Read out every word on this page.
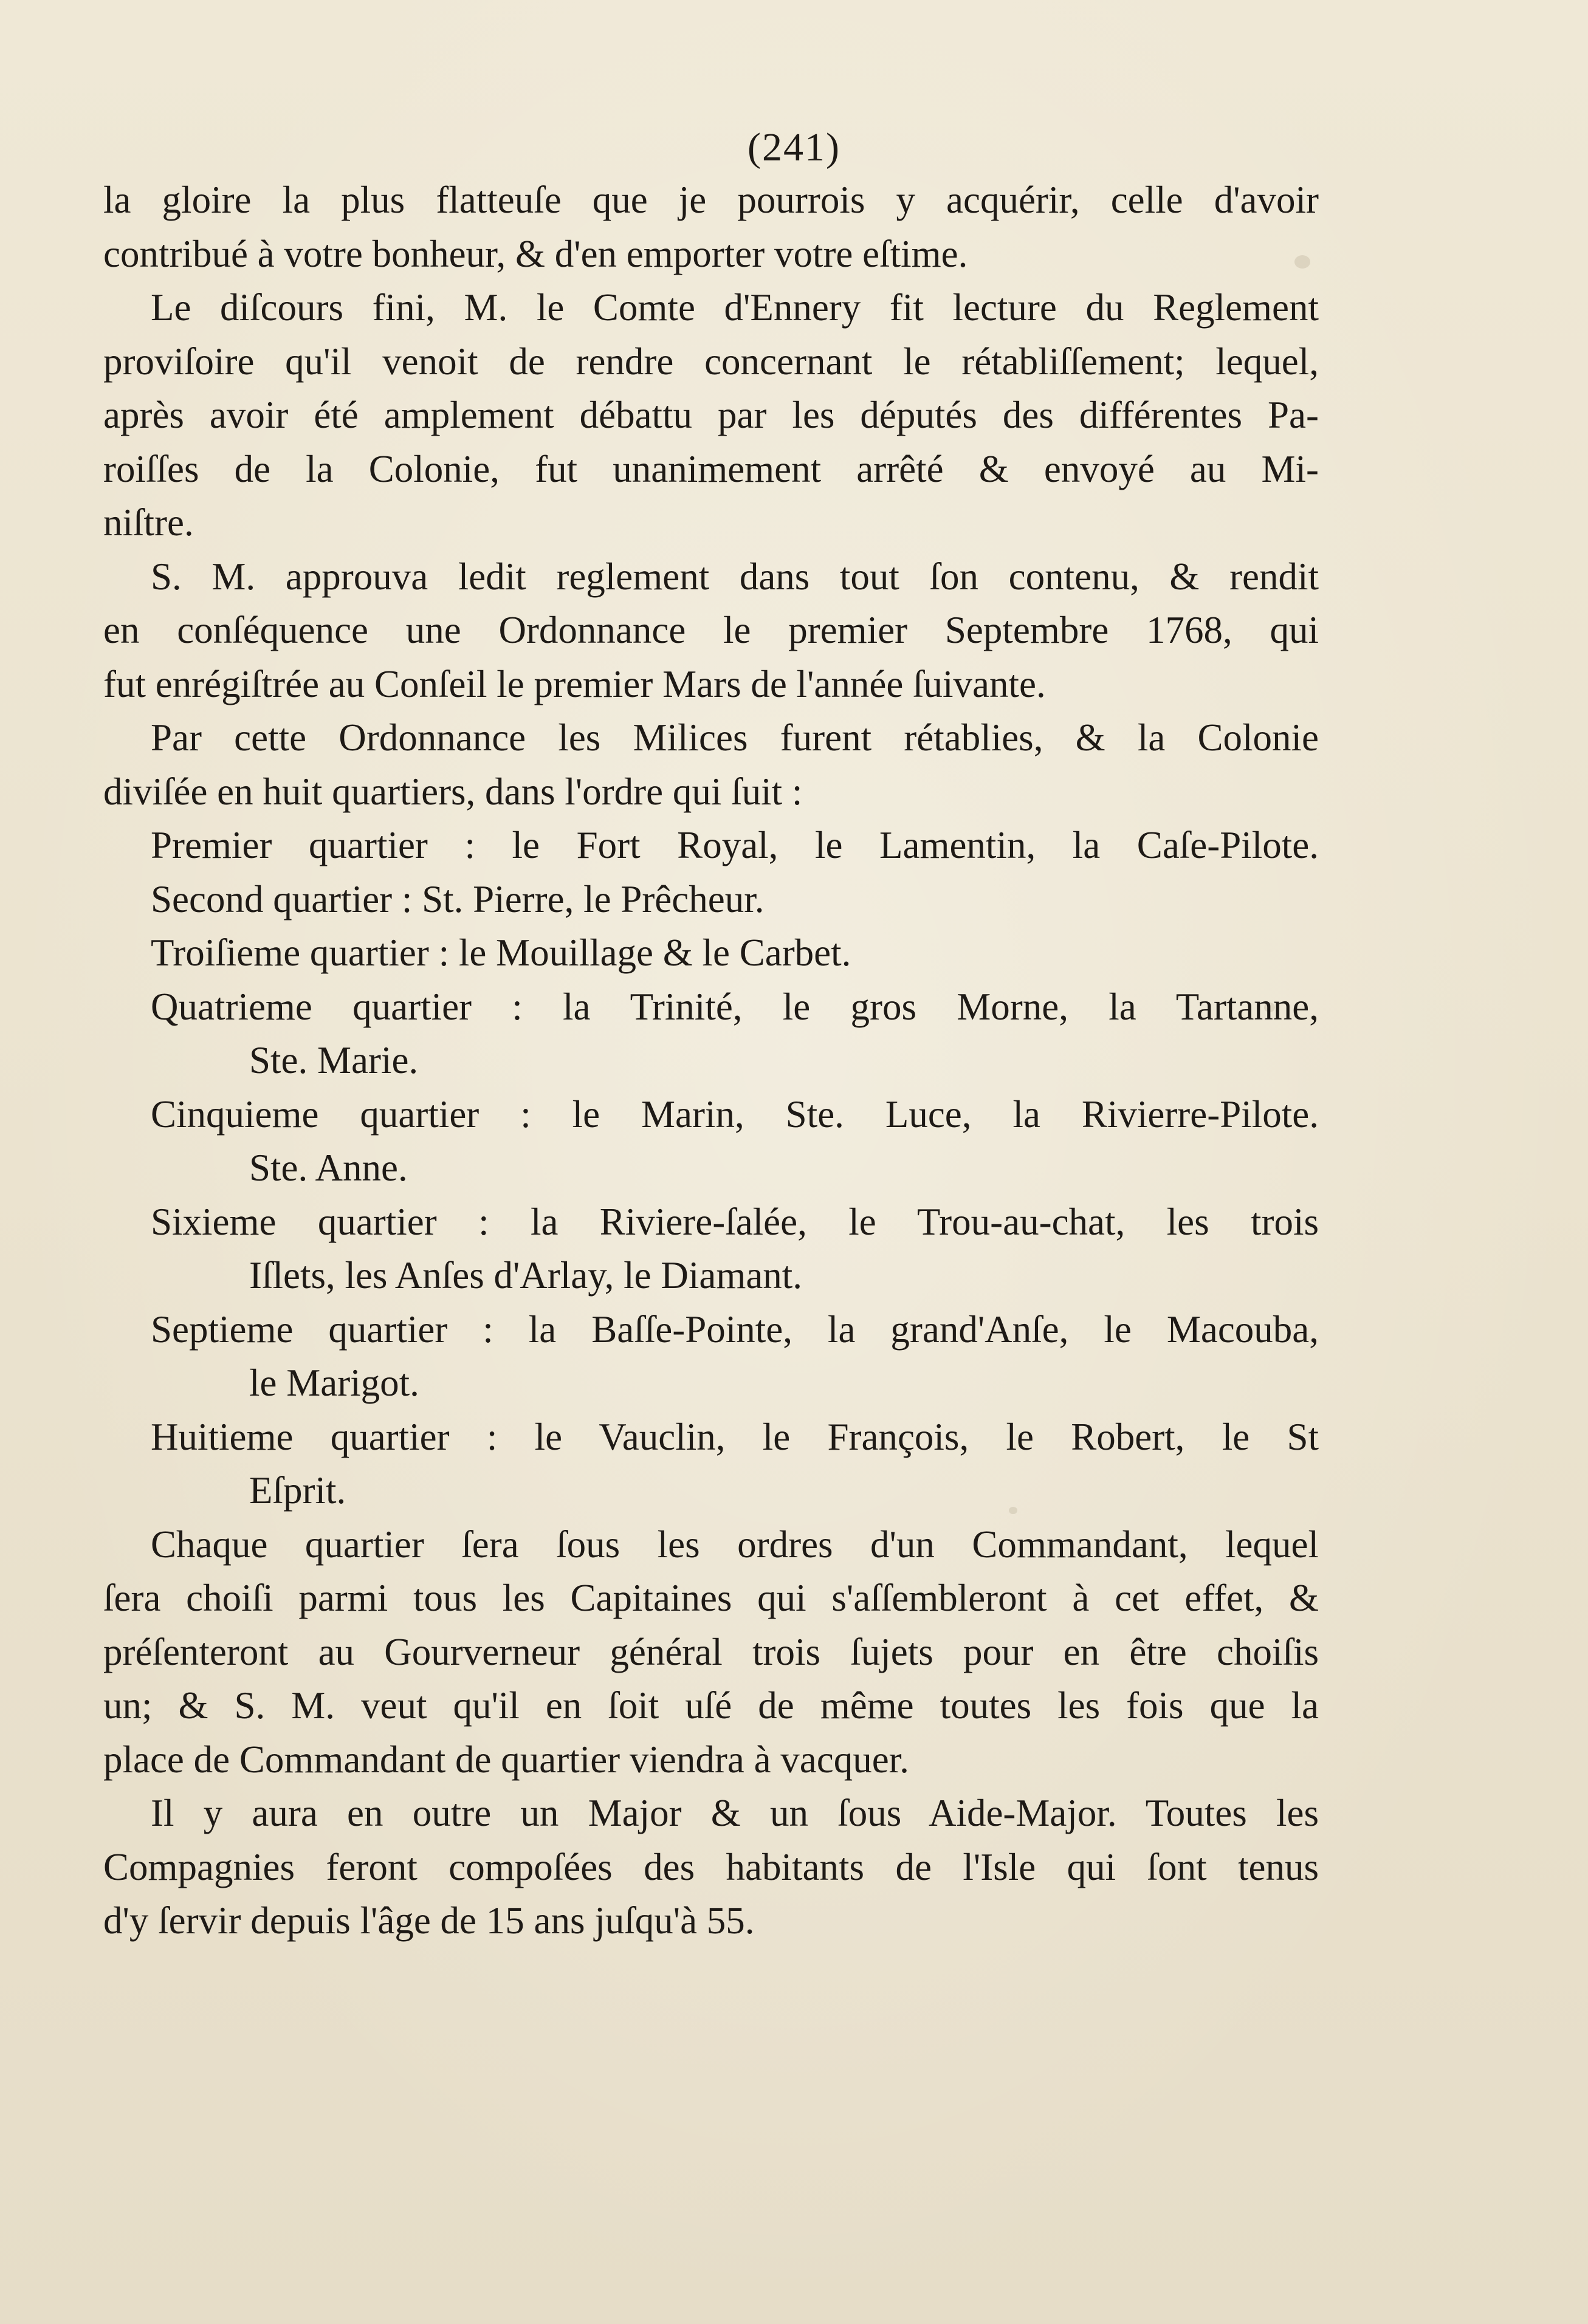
(241)
la gloire la plus flatteuſe que je pourrois y acquérir, celle d'avoir
contribué à votre bonheur, & d'en emporter votre eſtime.
Le diſcours fini, M. le Comte d'Ennery fit lecture du Reglement
proviſoire qu'il venoit de rendre concernant le rétabliſſement; lequel,
après avoir été amplement débattu par les députés des différentes Pa-
roiſſes de la Colonie, fut unanimement arrêté & envoyé au Mi-
niſtre.
S. M. approuva ledit reglement dans tout ſon contenu, & rendit
en conſéquence une Ordonnance le premier Septembre 1768, qui
fut enrégiſtrée au Conſeil le premier Mars de l'année ſuivante.
Par cette Ordonnance les Milices furent rétablies, & la Colonie
diviſée en huit quartiers, dans l'ordre qui ſuit :
Premier quartier : le Fort Royal, le Lamentin, la Caſe-Pilote.
Second quartier : St. Pierre, le Prêcheur.
Troiſieme quartier : le Mouillage & le Carbet.
Quatrieme quartier : la Trinité, le gros Morne, la Tartanne,
Ste. Marie.
Cinquieme quartier : le Marin, Ste. Luce, la Rivierre-Pilote.
Ste. Anne.
Sixieme quartier : la Riviere-ſalée, le Trou-au-chat, les trois
Iſlets, les Anſes d'Arlay, le Diamant.
Septieme quartier : la Baſſe-Pointe, la grand'Anſe, le Macouba,
le Marigot.
Huitieme quartier : le Vauclin, le François, le Robert, le St
Eſprit.
Chaque quartier ſera ſous les ordres d'un Commandant, lequel
ſera choiſi parmi tous les Capitaines qui s'aſſembleront à cet effet, &
préſenteront au Gourverneur général trois ſujets pour en être choiſis
un; & S. M. veut qu'il en ſoit uſé de même toutes les fois que la
place de Commandant de quartier viendra à vacquer.
Il y aura en outre un Major & un ſous Aide-Major. Toutes les
Compagnies feront compoſées des habitants de l'Isle qui ſont tenus
d'y ſervir depuis l'âge de 15 ans juſqu'à 55.
